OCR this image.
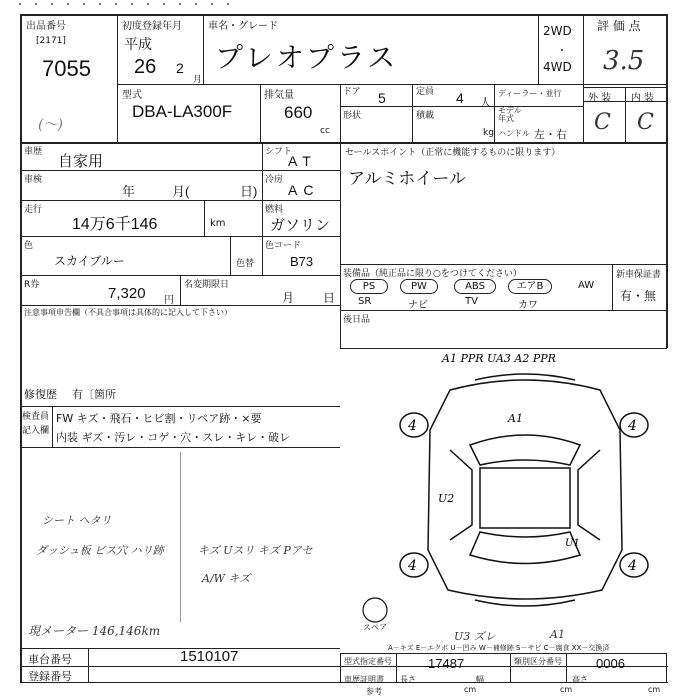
・・・・・・・・・・・・・・
出品番号
[2171]
7055
初度登録年月
平成
26 2
月
車名・グレード
プレオプラス
2WD
・
4WD
評 価 点
3.5
型式
DBA-LA300F
(〜)
排気量
660
cc
ドア 5	定員 4 人
形状	積載
kg
ディーラー・並行
モデル
年式
ハンドル 左・右
外 装 内 装
C C
車歴
自家用
シフト
AT
車検
年	月(	日)
冷房
AC
走行
14万6千146	km
燃料
ガソリン
色
スカイブルー	色替
色コード
B73
R券	7,320 円
名変期限日
月 日
注意事項申告欄（不具合事項は具体的に記入して下さい）
修復歴 有〔箇所
検査員
記入欄
FW キズ・飛石・ヒビ割・リペア跡・×要
内装 ギズ・汚レ・コゲ・穴・スレ・キレ・破レ
シート ヘタリ
ダッシュ板 ビス穴 ハリ跡	キズ Uスリ キズ Pアセ
A/W キズ
現メーター 146,146km
セールスポイント（正常に機能するものに限ります）
アルミホイール
装備品（純正品に限り○をつけてください）
PS	PW	ABS	エアB	AW
SR	ナビ	TV	カワ
新車保証書
有・無
後日品
4	4
4	4
A1 PPR UA3 A2 PPR
A1
U2
U1
スペア
U3 ズレ	A1
A－キズ E－エクボ U－凹み W－補修跡 S－サビ C－腐食 XX－交換済
車台番号	1510107
登録番号
型式指定番号	17487	類別区分番号	0006
車歴証明書
参考
長さ
cm
幅
cm
高さ
cm
